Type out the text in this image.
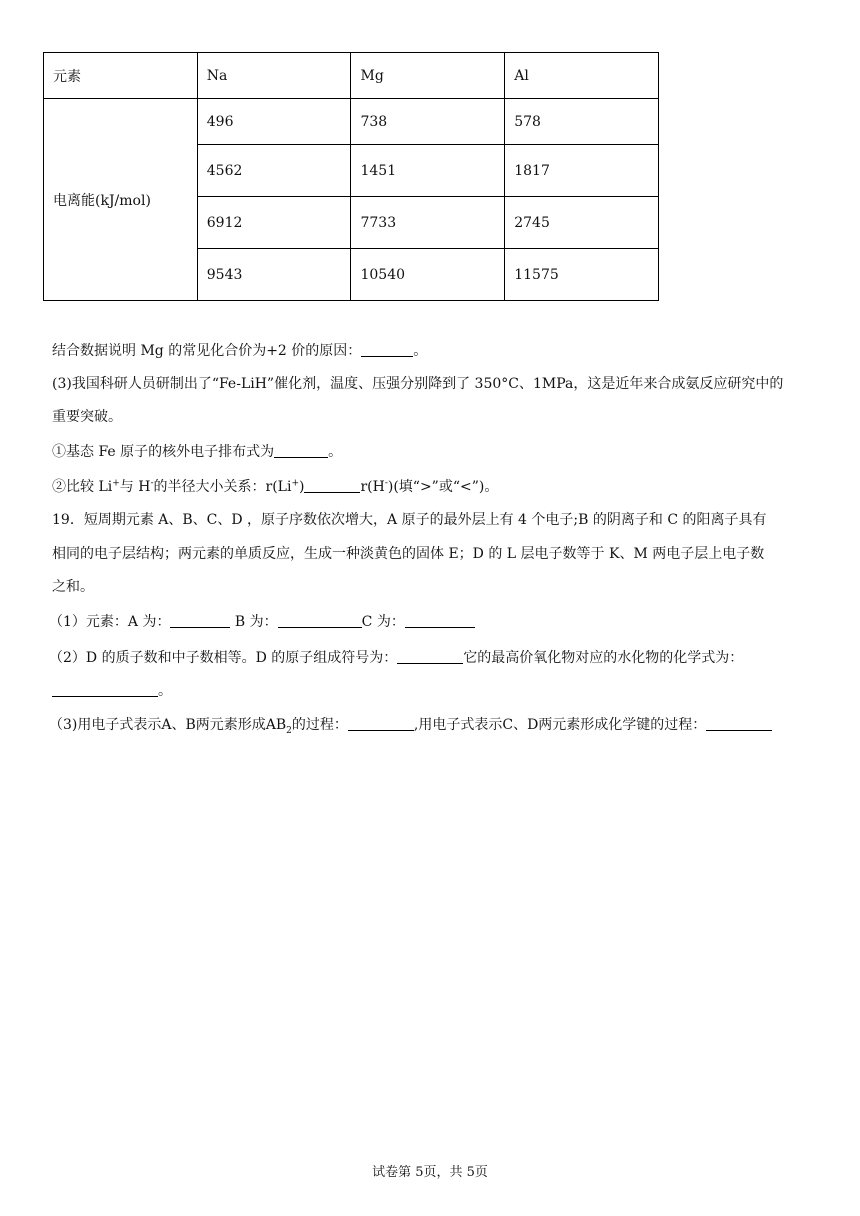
元素	Na	Mg	Al
电离能(kJ/mol)	496	738	578
	4562	1451	1817
	6912	7733	2745
	9543	10540	11575
结合数据说明 Mg 的常见化合价为+2 价的原因：	。
(3)我国科研人员研制出了“Fe-LiH”催化剂，温度、压强分别降到了 350°C、1MPa，这是近年来合成氨反应研究中的
重要突破。
①基态 Fe 原子的核外电子排布式为	。
②比较 Li+与 H-的半径大小关系：r(Li+)	r(H-)(填“>”或“<”)。
19．短周期元素 A、B、C、D ，原子序数依次增大，A 原子的最外层上有 4 个电子;B 的阴离子和 C 的阳离子具有
相同的电子层结构；两元素的单质反应，生成一种淡黄色的固体 E；D 的 L 层电子数等于 K、M 两电子层上电子数
之和。
（1）元素：A 为：	B 为：	C 为：
（2）D 的质子数和中子数相等。D 的原子组成符号为：	它的最高价氧化物对应的水化物的化学式为：
。
（3)用电子式表示A、B两元素形成$AB_2$的过程：	,用电子式表示C、D两元素形成化学键的过程：
试卷第 5页，共 5页
